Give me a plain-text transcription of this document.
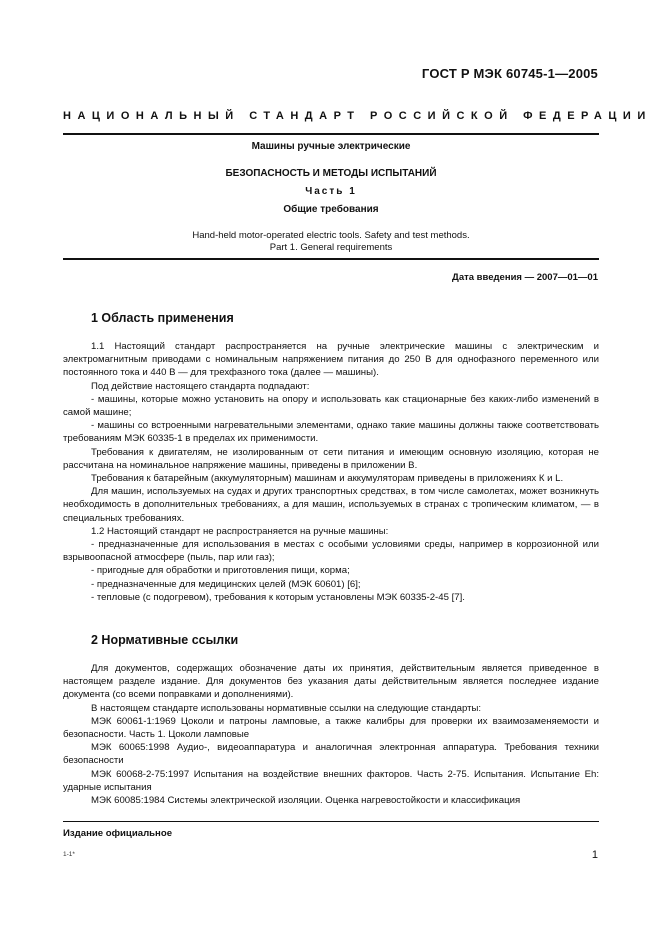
ГОСТ Р МЭК 60745-1—2005
НАЦИОНАЛЬНЫЙ СТАНДАРТ РОССИЙСКОЙ ФЕДЕРАЦИИ
Машины ручные электрические
БЕЗОПАСНОСТЬ И МЕТОДЫ ИСПЫТАНИЙ
Часть 1
Общие требования
Hand-held motor-operated electric tools. Safety and test methods.
Part 1. General requirements
Дата введения — 2007—01—01
1 Область применения

1.1 Настоящий стандарт распространяется на ручные электрические машины с электрическим и электромагнитным приводами с номинальным напряжением питания до 250 В для однофазного переменного или постоянного тока и 440 В — для трехфазного тока (далее — машины).

Под действие настоящего стандарта подпадают:

- машины, которые можно установить на опору и использовать как стационарные без каких-либо изменений в самой машине;

- машины со встроенными нагревательными элементами, однако такие машины должны также соответствовать требованиям МЭК 60335-1 в пределах их применимости.

Требования к двигателям, не изолированным от сети питания и имеющим основную изоляцию, которая не рассчитана на номинальное напряжение машины, приведены в приложении В.

Требования к батарейным (аккумуляторным) машинам и аккумуляторам приведены в приложениях К и L.

Для машин, используемых на судах и других транспортных средствах, в том числе самолетах, может возникнуть необходимость в дополнительных требованиях, а для машин, используемых в странах с тропическим климатом, — в специальных требованиях.

1.2 Настоящий стандарт не распространяется на ручные машины:

- предназначенные для использования в местах с особыми условиями среды, например в коррозионной или взрывоопасной атмосфере (пыль, пар или газ);

- пригодные для обработки и приготовления пищи, корма;

- предназначенные для медицинских целей (МЭК 60601) [6];

- тепловые (с подогревом), требования к которым установлены МЭК 60335-2-45 [7].

2 Нормативные ссылки

Для документов, содержащих обозначение даты их принятия, действительным является приведенное в настоящем разделе издание. Для документов без указания даты действительным является последнее издание документа (со всеми поправками и дополнениями).

В настоящем стандарте использованы нормативные ссылки на следующие стандарты:

МЭК 60061-1:1969 Цоколи и патроны ламповые, а также калибры для проверки их взаимозаменяемости и безопасности. Часть 1. Цоколи ламповые

МЭК 60065:1998 Аудио-, видеоаппаратура и аналогичная электронная аппаратура. Требования техники безопасности

МЭК 60068-2-75:1997 Испытания на воздействие внешних факторов. Часть 2-75. Испытания. Испытание Eh: ударные испытания

МЭК 60085:1984 Системы электрической изоляции. Оценка нагревостойкости и классификация

Издание официальное
1-1*	1
